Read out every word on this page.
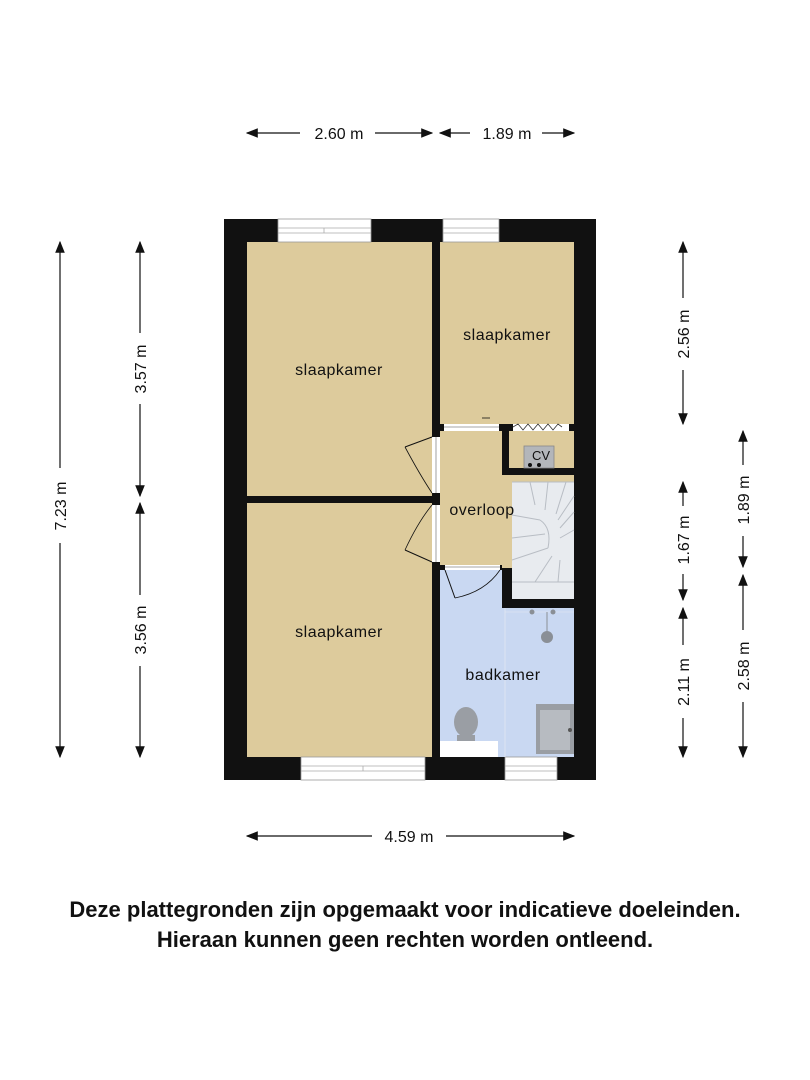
2.60 m	1.89 m
4.59 m
7.23 m
3.57 m
3.56 m
2.56 m
1.67 m
2.11 m
1.89 m
2.58 m
CV
slaapkamer
slaapkamer
slaapkamer
overloop
badkamer
Deze plattegronden zijn opgemaakt voor indicatieve doeleinden.
Hieraan kunnen geen rechten worden ontleend.
